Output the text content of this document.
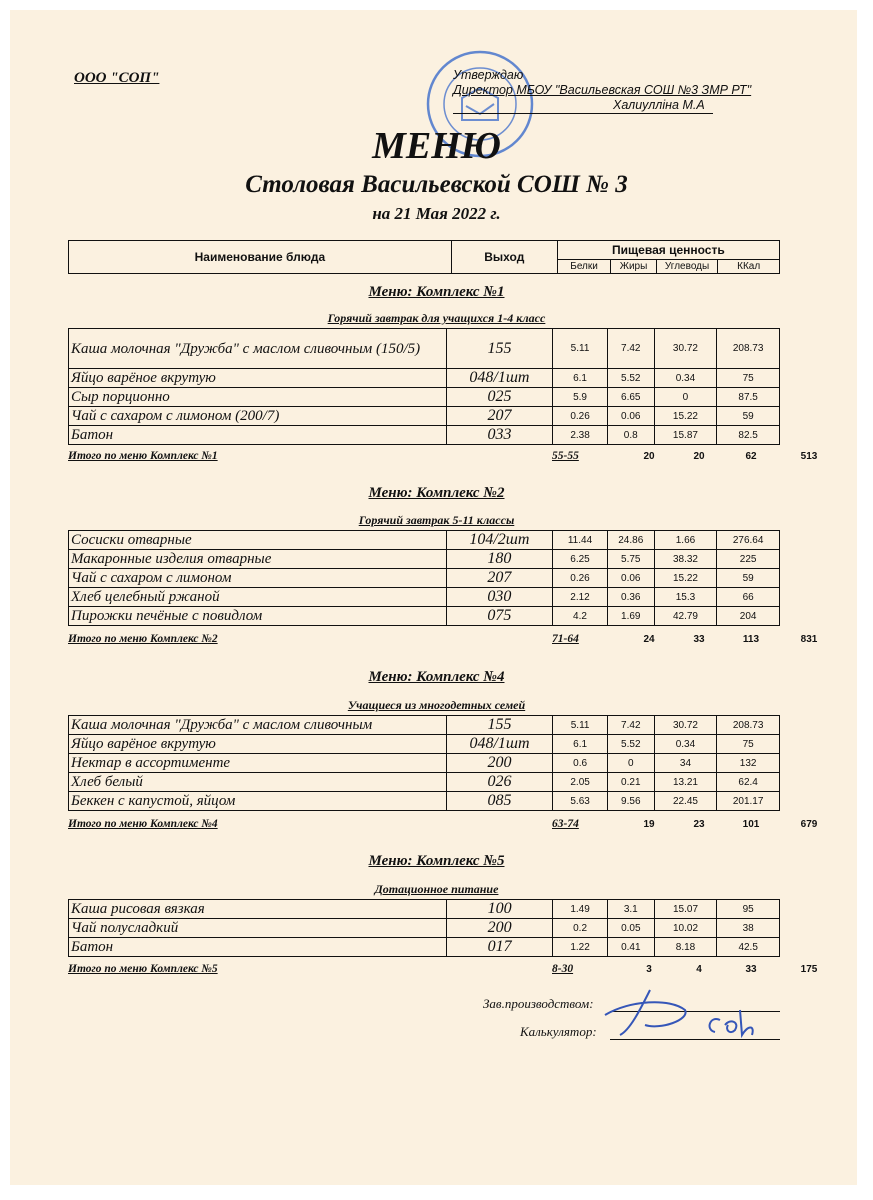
ООО "СОП"	Утверждаю
Директор МБОУ "Васильевская СОШ №3 ЗМР РТ"
Халиуллiна М.А
МЕНЮ
Столовая Васильевской СОШ № 3
на 21 Мая 2022 г.
Наименование блюда	Выход	Пищевая ценность			
		Белки	Жиры	Углеводы	ККал
Меню: Комплекс №1
Горячий завтрак для учащихся 1-4 класс
Каша молочная "Дружба" с маслом сливочным (150/5)	155	5.11	7.42	30.72	208.73
Яйцо варёное вкрутую	048/1шт	6.1	5.52	0.34	75
Сыр порционно	025	5.9	6.65	0	87.5
Чай с сахаром с лимоном (200/7)	207	0.26	0.06	15.22	59
Батон	033	2.38	0.8	15.87	82.5
Итого по меню Комплекс №1	55-55	20	20	62	513
Меню: Комплекс №2
Горячий завтрак 5-11 классы
Сосиски отварные	104/2шт	11.44	24.86	1.66	276.64
Макаронные изделия отварные	180	6.25	5.75	38.32	225
Чай с сахаром с лимоном	207	0.26	0.06	15.22	59
Хлеб целебный ржаной	030	2.12	0.36	15.3	66
Пирожки печёные с повидлом	075	4.2	1.69	42.79	204
Итого по меню Комплекс №2	71-64	24	33	113	831
Меню: Комплекс №4
Учащиеся из многодетных семей
Каша молочная "Дружба" с маслом сливочным	155	5.11	7.42	30.72	208.73
Яйцо варёное вкрутую	048/1шт	6.1	5.52	0.34	75
Нектар в ассортименте	200	0.6	0	34	132
Хлеб белый	026	2.05	0.21	13.21	62.4
Беккен с капустой, яйцом	085	5.63	9.56	22.45	201.17
Итого по меню Комплекс №4	63-74	19	23	101	679
Меню: Комплекс №5
Дотационное питание
Каша рисовая вязкая	100	1.49	3.1	15.07	95
Чай полусладкий	200	0.2	0.05	10.02	38
Батон	017	1.22	0.41	8.18	42.5
Итого по меню Комплекс №5	8-30	3	4	33	175
Зав.производством:
Калькулятор:
